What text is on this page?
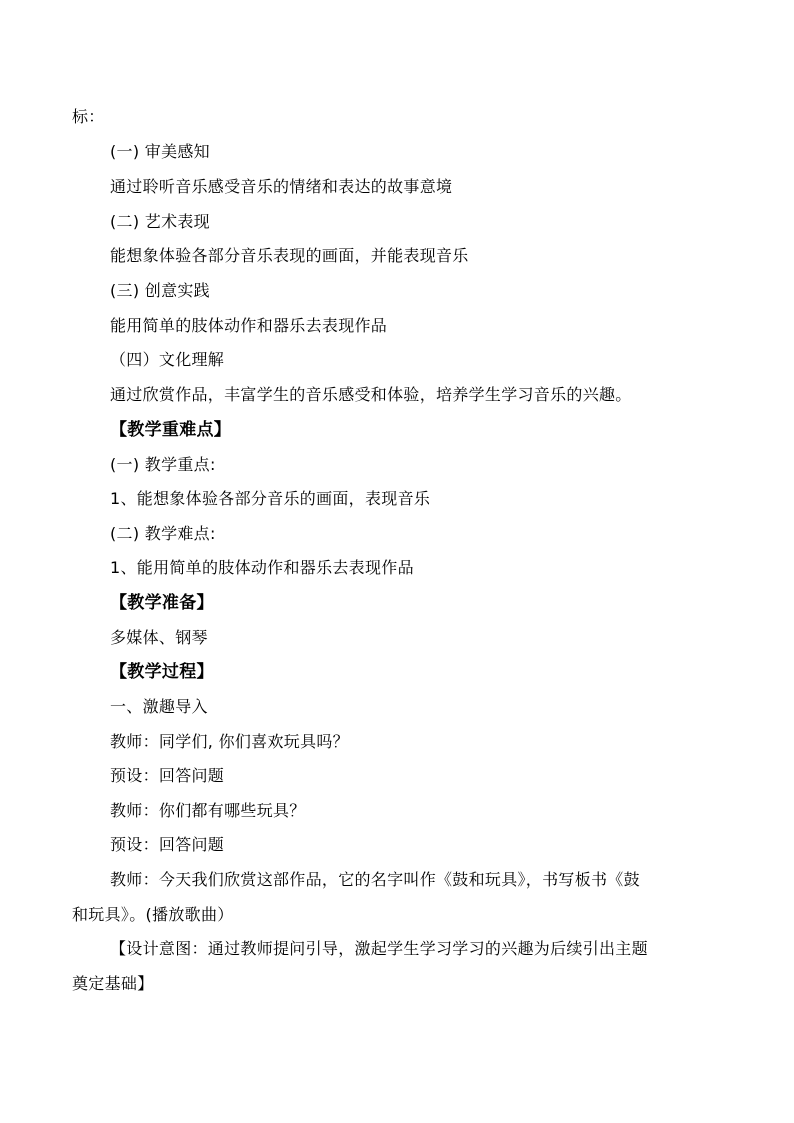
标：
(一) 审美感知
通过聆听音乐感受音乐的情绪和表达的故事意境
(二) 艺术表现
能想象体验各部分音乐表现的画面，并能表现音乐
(三) 创意实践
能用简单的肢体动作和器乐去表现作品
（四）文化理解
通过欣赏作品，丰富学生的音乐感受和体验，培养学生学习音乐的兴趣。
【教学重难点】
(一) 教学重点:
1、能想象体验各部分音乐的画面，表现音乐
(二) 教学难点:
1、能用简单的肢体动作和器乐去表现作品
【教学准备】
多媒体、钢琴
【教学过程】
一、激趣导入
教师：同学们, 你们喜欢玩具吗？
预设：回答问题
教师：你们都有哪些玩具？
预设：回答问题
教师：今天我们欣赏这部作品，它的名字叫作《鼓和玩具》，书写板书《鼓
和玩具》。(播放歌曲）
【设计意图：通过教师提问引导，激起学生学习学习的兴趣为后续引出主题
奠定基础】
